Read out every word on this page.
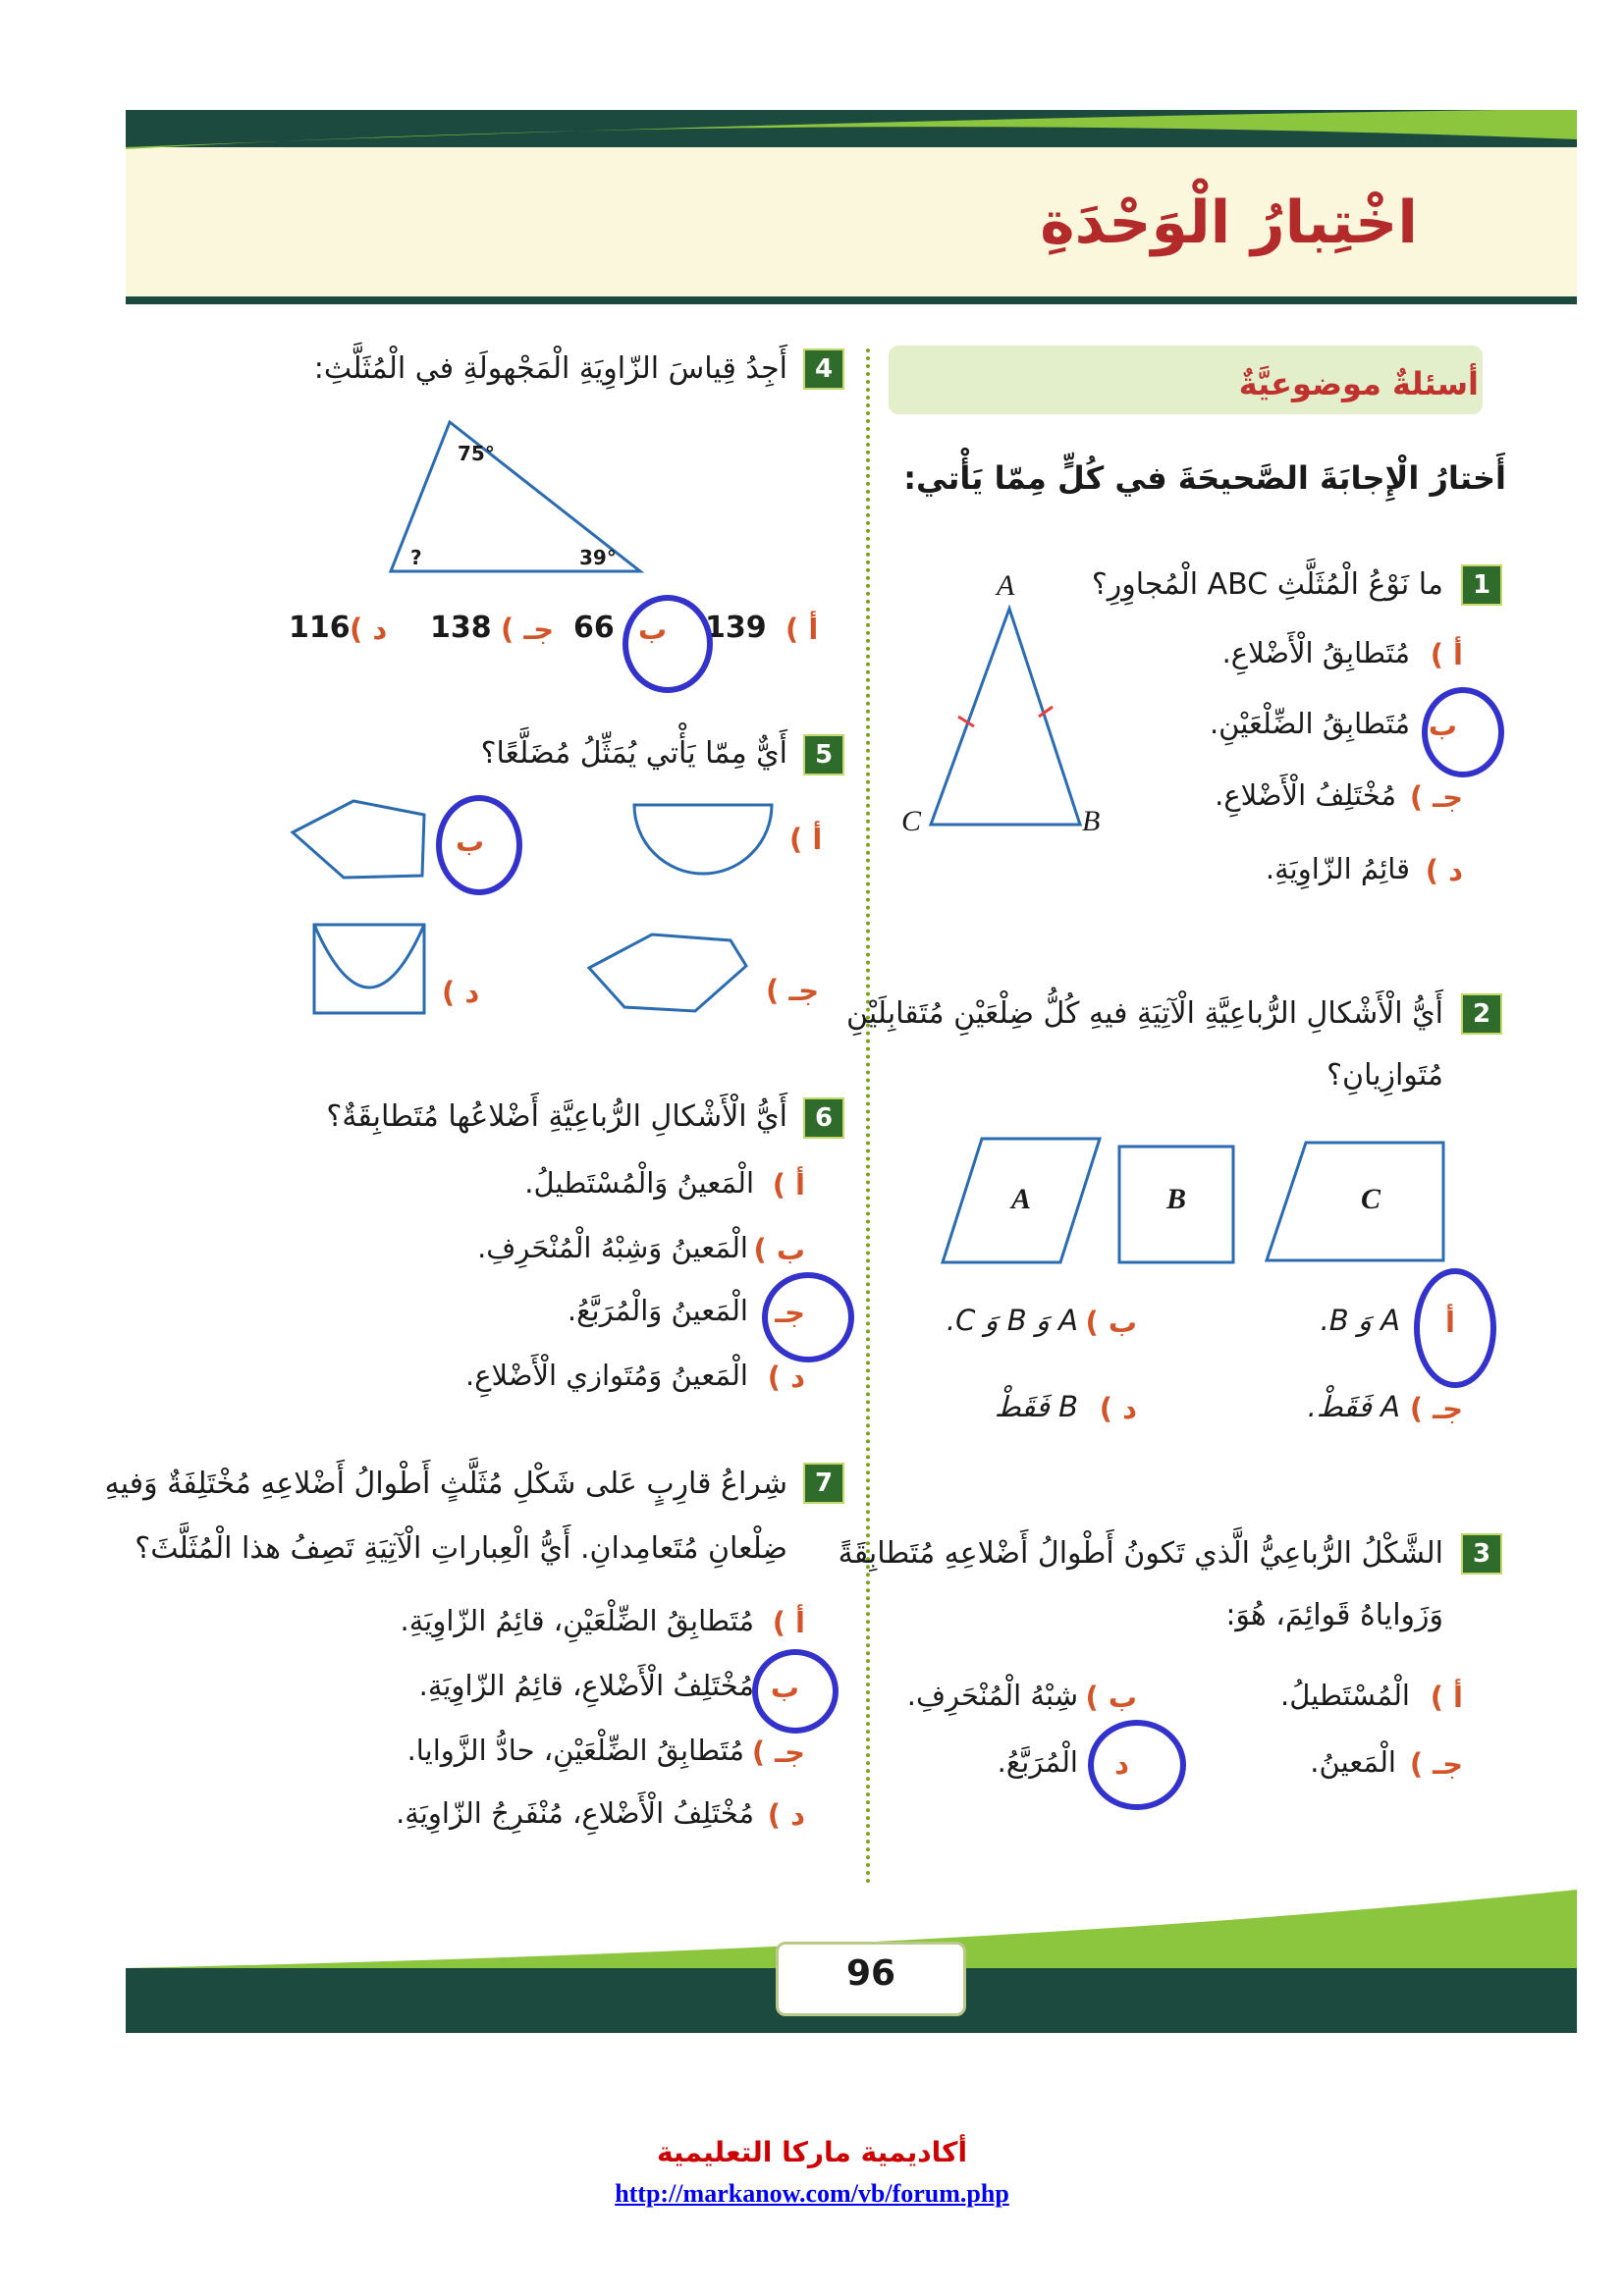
اخْتِبارُ الْوَحْدَةِ
أسئلةٌ موضوعيَّةٌ
أَختارُ الْإِجابَةَ الصَّحيحَةَ في كُلٍّ مِمّا يَأْتي:
1
ما نَوْعُ الْمُثَلَّثِ ABC الْمُجاوِرِ؟
A
B
C
أ )
مُتَطابِقُ الْأَضْلاعِ.
ب
مُتَطابِقُ الضِّلْعَيْنِ.
جـ )
مُخْتَلِفُ الْأَضْلاعِ.
د )
قائِمُ الزّاوِيَةِ.
2
أَيُّ الْأَشْكالِ الرُّباعِيَّةِ الْآتِيَةِ فيهِ كُلُّ ضِلْعَيْنِ مُتَقابِلَيْنِ
مُتَوازِيانِ؟
A	B	C
أ
A وَ B.
ب )
A وَ B وَ C.
جـ )
A فَقَطْ.
د )
B فَقَطْ
3
الشَّكْلُ الرُّباعِيُّ الَّذي تَكونُ أَطْوالُ أَضْلاعِهِ مُتَطابِقَةً
وَزَواياهُ قَوائِمَ، هُوَ:
أ )
الْمُسْتَطيلُ.
ب )
شِبْهُ الْمُنْحَرِفِ.
جـ )
الْمَعينُ.
د
الْمُرَبَّعُ.
4
أَجِدُ قِياسَ الزّاوِيَةِ الْمَجْهولَةِ في الْمُثَلَّثِ:
75°
?	39°
أ )
139
ب
66
جـ )
138
د )
116
5
أَيٌّ مِمّا يَأْتي يُمَثِّلُ مُضَلَّعًا؟
أ )
ب
جـ )
د )
6
أَيُّ الْأَشْكالِ الرُّباعِيَّةِ أَضْلاعُها مُتَطابِقَةٌ؟
أ )
الْمَعينُ وَالْمُسْتَطيلُ.
ب )
الْمَعينُ وَشِبْهُ الْمُنْحَرِفِ.
جـ
الْمَعينُ وَالْمُرَبَّعُ.
د )
الْمَعينُ وَمُتَوازي الْأَضْلاعِ.
7
شِراعُ قارِبٍ عَلى شَكْلِ مُثَلَّثٍ أَطْوالُ أَضْلاعِهِ مُخْتَلِفَةٌ وَفيهِ
ضِلْعانِ مُتَعامِدانِ. أَيُّ الْعِباراتِ الْآتِيَةِ تَصِفُ هذا الْمُثَلَّثَ؟
أ )
مُتَطابِقُ الضِّلْعَيْنِ، قائِمُ الزّاوِيَةِ.
ب
مُخْتَلِفُ الْأَضْلاعِ، قائِمُ الزّاوِيَةِ.
جـ )
مُتَطابِقُ الضِّلْعَيْنِ، حادُّ الزَّوايا.
د )
مُخْتَلِفُ الْأَضْلاعِ، مُنْفَرِجُ الزّاوِيَةِ.
96
أكاديمية ماركا التعليمية
http://markanow.com/vb/forum.php
